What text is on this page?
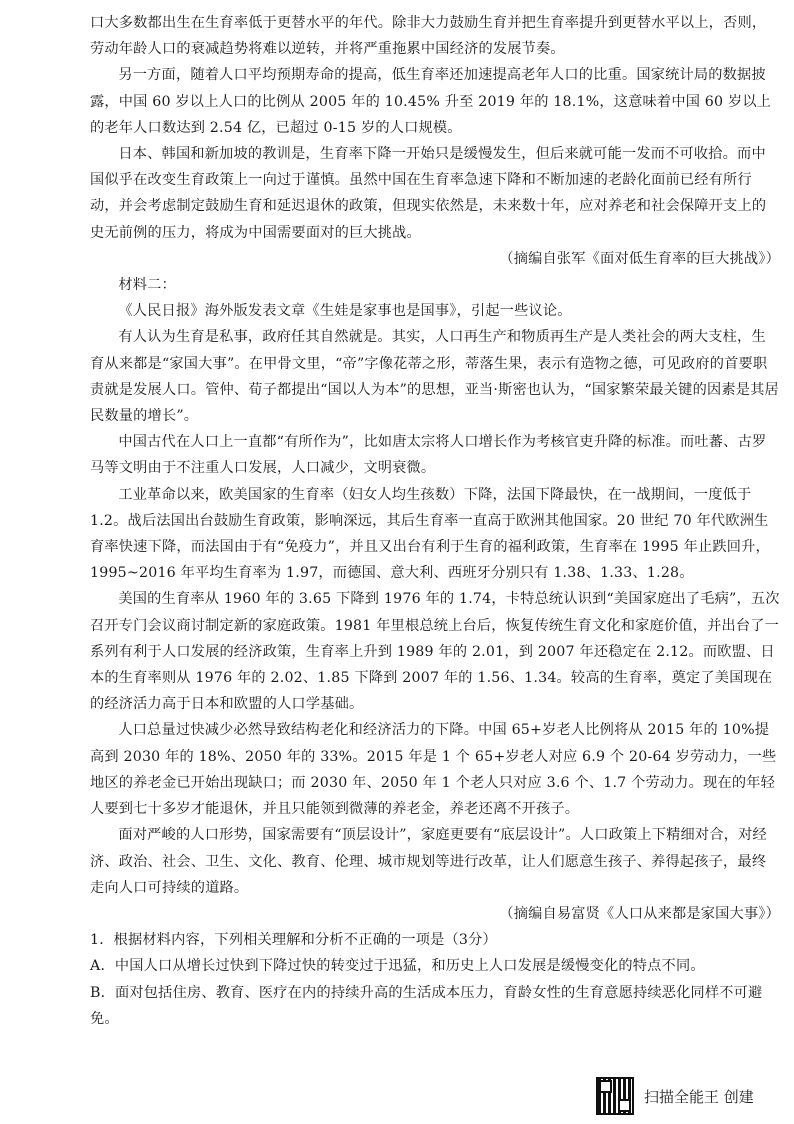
口大多数都出生在生育率低于更替水平的年代。除非大力鼓励生育并把生育率提升到更替水平以上，否则，劳动年龄人口的衰减趋势将难以逆转，并将严重拖累中国经济的发展节奏。

另一方面，随着人口平均预期寿命的提高，低生育率还加速提高老年人口的比重。国家统计局的数据披露，中国 60 岁以上人口的比例从 2005 年的 10.45% 升至 2019 年的 18.1%，这意味着中国 60 岁以上的老年人口数达到 2.54 亿，已超过 0-15 岁的人口规模。

日本、韩国和新加坡的教训是，生育率下降一开始只是缓慢发生，但后来就可能一发而不可收拾。而中国似乎在改变生育政策上一向过于谨慎。虽然中国在生育率急速下降和不断加速的老龄化面前已经有所行动，并会考虑制定鼓励生育和延迟退休的政策，但现实依然是，未来数十年，应对养老和社会保障开支上的史无前例的压力，将成为中国需要面对的巨大挑战。

（摘编自张军《面对低生育率的巨大挑战》）

材料二：

《人民日报》海外版发表文章《生娃是家事也是国事》，引起一些议论。

有人认为生育是私事，政府任其自然就是。其实，人口再生产和物质再生产是人类社会的两大支柱，生育从来都是“家国大事”。在甲骨文里，“帝”字像花蒂之形，蒂落生果，表示有造物之德，可见政府的首要职责就是发展人口。管仲、荀子都提出“国以人为本”的思想，亚当·斯密也认为，“国家繁荣最关键的因素是其居民数量的增长”。

中国古代在人口上一直都“有所作为”，比如唐太宗将人口增长作为考核官吏升降的标准。而吐蕃、古罗马等文明由于不注重人口发展，人口减少，文明衰微。

工业革命以来，欧美国家的生育率（妇女人均生孩数）下降，法国下降最快，在一战期间，一度低于 1.2。战后法国出台鼓励生育政策，影响深远，其后生育率一直高于欧洲其他国家。20 世纪 70 年代欧洲生育率快速下降，而法国由于有“免疫力”，并且又出台有利于生育的福利政策，生育率在 1995 年止跌回升，1995~2016 年平均生育率为 1.97，而德国、意大利、西班牙分别只有 1.38、1.33、1.28。

美国的生育率从 1960 年的 3.65 下降到 1976 年的 1.74，卡特总统认识到“美国家庭出了毛病”，五次召开专门会议商讨制定新的家庭政策。1981 年里根总统上台后，恢复传统生育文化和家庭价值，并出台了一系列有利于人口发展的经济政策，生育率上升到 1989 年的 2.01，到 2007 年还稳定在 2.12。而欧盟、日本的生育率则从 1976 年的 2.02、1.85 下降到 2007 年的 1.56、1.34。较高的生育率，奠定了美国现在的经济活力高于日本和欧盟的人口学基础。

人口总量过快减少必然导致结构老化和经济活力的下降。中国 65+岁老人比例将从 2015 年的 10%提高到 2030 年的 18%、2050 年的 33%。2015 年是 1 个 65+岁老人对应 6.9 个 20-64 岁劳动力，一些地区的养老金已开始出现缺口；而 2030 年、2050 年 1 个老人只对应 3.6 个、1.7 个劳动力。现在的年轻人要到七十多岁才能退休，并且只能领到微薄的养老金，养老还离不开孩子。

面对严峻的人口形势，国家需要有“顶层设计”，家庭更要有“底层设计”。人口政策上下精细对合，对经济、政治、社会、卫生、文化、教育、伦理、城市规划等进行改革，让人们愿意生孩子、养得起孩子，最终走向人口可持续的道路。

（摘编自易富贤《人口从来都是家国大事》）

1．根据材料内容，下列相关理解和分析不正确的一项是（3分）

A．中国人口从增长过快到下降过快的转变过于迅猛，和历史上人口发展是缓慢变化的特点不同。

B．面对包括住房、教育、医疗在内的持续升高的生活成本压力，育龄女性的生育意愿持续恶化同样不可避免。

扫描全能王 创建
